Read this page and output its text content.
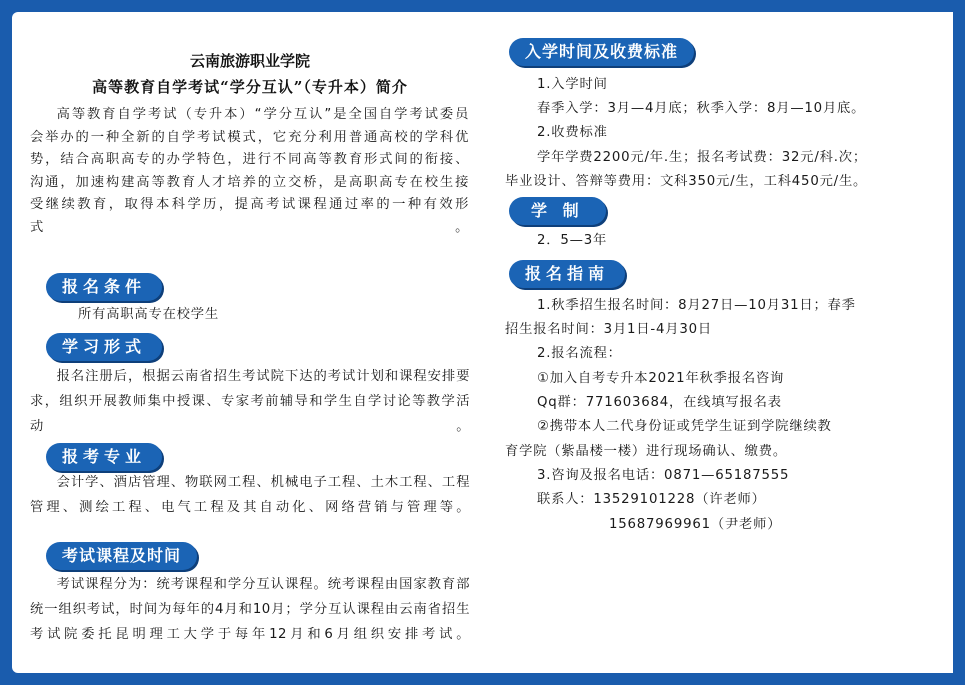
云南旅游职业学院
高等教育自学考试“学分互认”（专升本）简介

高等教育自学考试（专升本）“学分互认”是全国自学考试委员会举办的一种全新的自学考试模式，它充分利用普通高校的学科优势，结合高职高专的办学特色，进行不同高等教育形式间的衔接、沟通，加速构建高等教育人才培养的立交桥，是高职高专在校生接受继续教育，取得本科学历，提高考试课程通过率的一种有效形式。

报名条件
所有高职高专在校学生
学习形式

报名注册后，根据云南省招生考试院下达的考试计划和课程安排要求，组织开展教师集中授课、专家考前辅导和学生自学讨论等教学活动。

报考专业

会计学、酒店管理、物联网工程、机械电子工程、土木工程、工程管理、测绘工程、电气工程及其自动化、网络营销与管理等。

考试课程及时间

考试课程分为：统考课程和学分互认课程。统考课程由国家教育部统一组织考试，时间为每年的4月和10月；学分互认课程由云南省招生考试院委托昆明理工大学于每年12月和6月组织安排考试。

入学时间及收费标准
1.入学时间
春季入学：3月—4月底；秋季入学：8月—10月底。
2.收费标准
学年学费2200元/年.生；报名考试费：32元/科.次；
毕业设计、答辩等费用：文科350元/生，工科450元/生。
学 制
2．5—3年
报名指南
1.秋季招生报名时间：8月27日—10月31日；春季
招生报名时间：3月1日-4月30日
2.报名流程：
①加入自考专升本2021年秋季报名咨询
Qq群：771603684，在线填写报名表
②携带本人二代身份证或凭学生证到学院继续教
育学院（紫晶楼一楼）进行现场确认、缴费。
3.咨询及报名电话：0871—65187555
联系人：13529101228（许老师）
15687969961（尹老师）
